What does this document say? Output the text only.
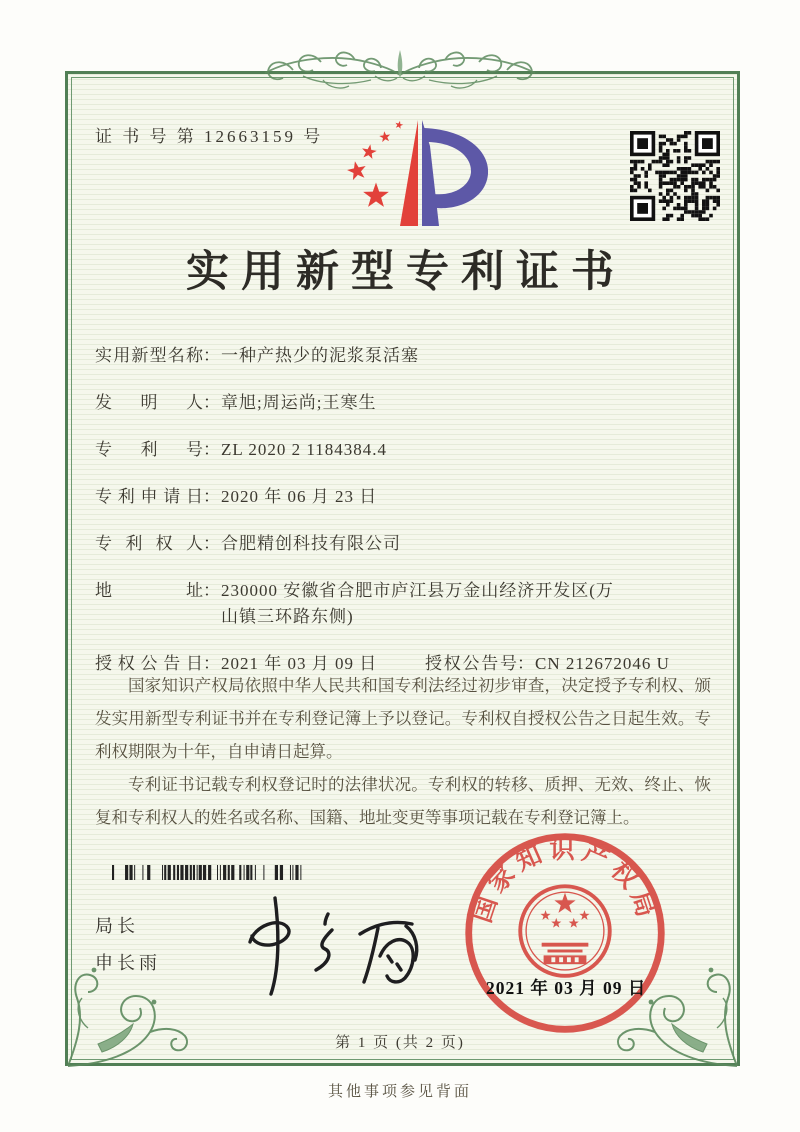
证 书 号 第 12663159 号
实用新型专利证书
实用新型名称 ： 一种产热少的泥浆泵活塞
发明人 ： 章旭;周运尚;王寒生
专利号 ： ZL 2020 2 1184384.4
专利申请日 ： 2020 年 06 月 23 日
专利权人 ： 合肥精创科技有限公司
地址 ： 230000 安徽省合肥市庐江县万金山经济开发区(万山镇三环路东侧)
授权公告日 ： 2021 年 03 月 09 日	授权公告号 ： CN 212672046 U

国家知识产权局依照中华人民共和国专利法经过初步审查，决定授予专利权、颁发实用新型专利证书并在专利登记簿上予以登记。专利权自授权公告之日起生效。专利权期限为十年，自申请日起算。

专利证书记载专利权登记时的法律状况。专利权的转移、质押、无效、终止、恢复和专利权人的姓名或名称、国籍、地址变更等事项记载在专利登记簿上。

局长
申长雨
国家知识产权局
2021 年 03 月 09 日
第 1 页 (共 2 页)
其他事项参见背面
